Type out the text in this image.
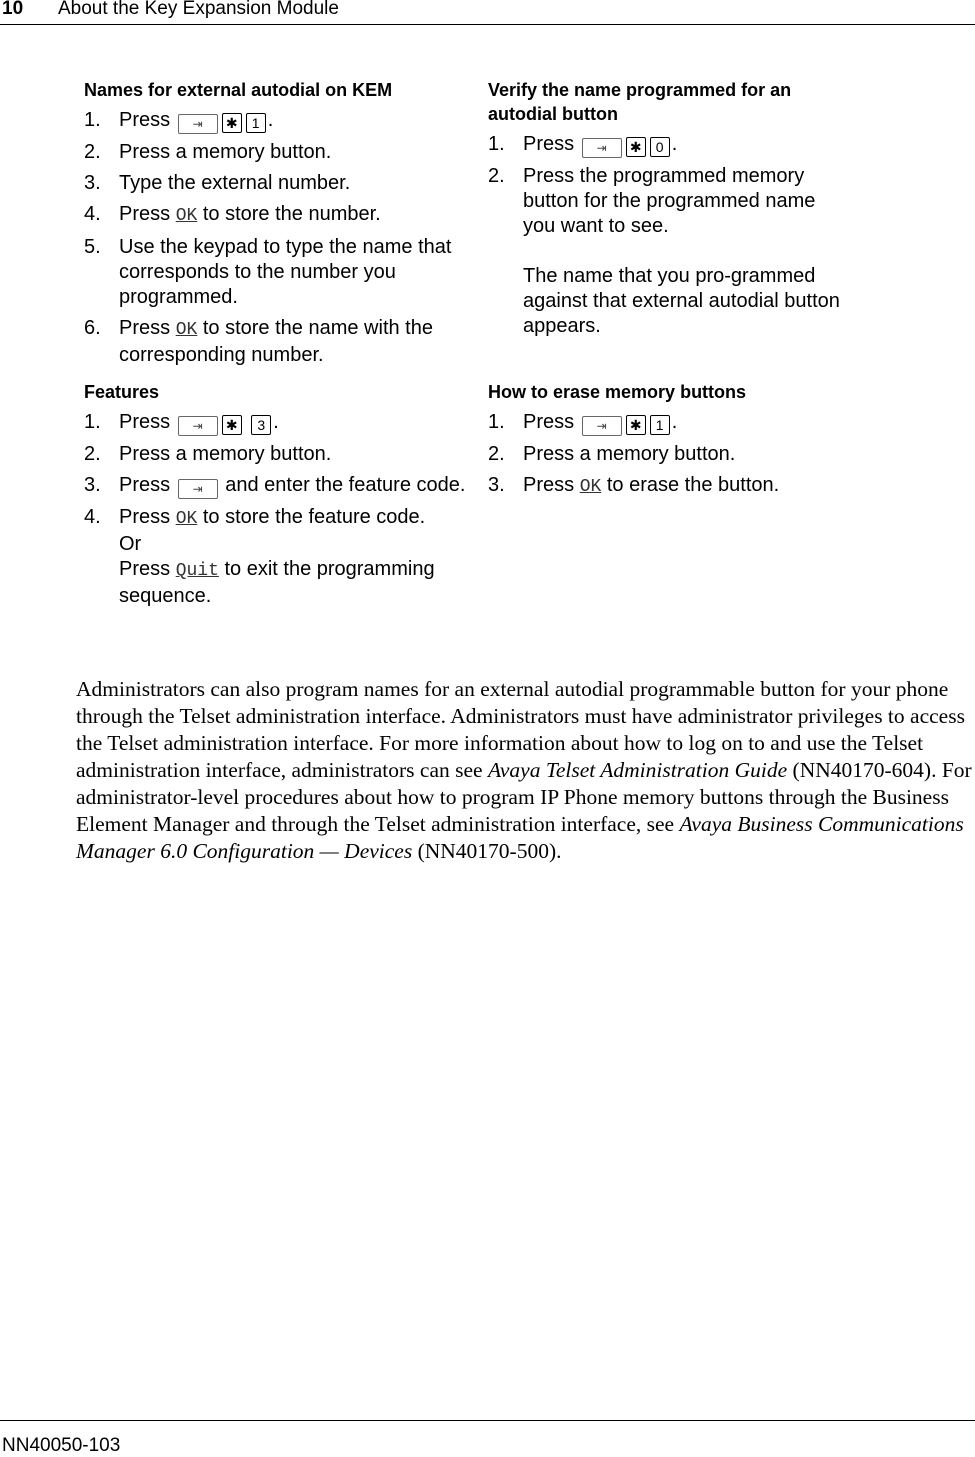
10 About the Key Expansion Module
Names for external autodial on KEM
1. Press ⇥ ✱ 1 .
2. Press a memory button.
3. Type the external number.
4. Press OK to store the number.
5. Use the keypad to type the name that corresponds to the number you programmed.
6. Press OK to store the name with the corresponding number.
Verify the name programmed for an autodial button
1. Press ⇥ ✱ 0 .
2. Press the programmed memory button for the programmed name you want to see.
The name that you pro-grammed against that external autodial button appears.
Features
1. Press ⇥ ✱ 3 .
2. Press a memory button.
3. Press ⇥ and enter the feature code.
4. Press OK to store the feature code.
Or
Press Quit to exit the programming sequence.
How to erase memory buttons
1. Press ⇥ ✱ 1 .
2. Press a memory button.
3. Press OK to erase the button.
Administrators can also program names for an external autodial programmable button for your phone through the Telset administration interface. Administrators must have administrator privileges to access the Telset administration interface. For more information about how to log on to and use the Telset administration interface, administrators can see Avaya Telset Administration Guide (NN40170-604). For administrator-level procedures about how to program IP Phone memory buttons through the Business Element Manager and through the Telset administration interface, see Avaya Business Communications Manager 6.0 Configuration — Devices (NN40170-500).
NN40050-103
